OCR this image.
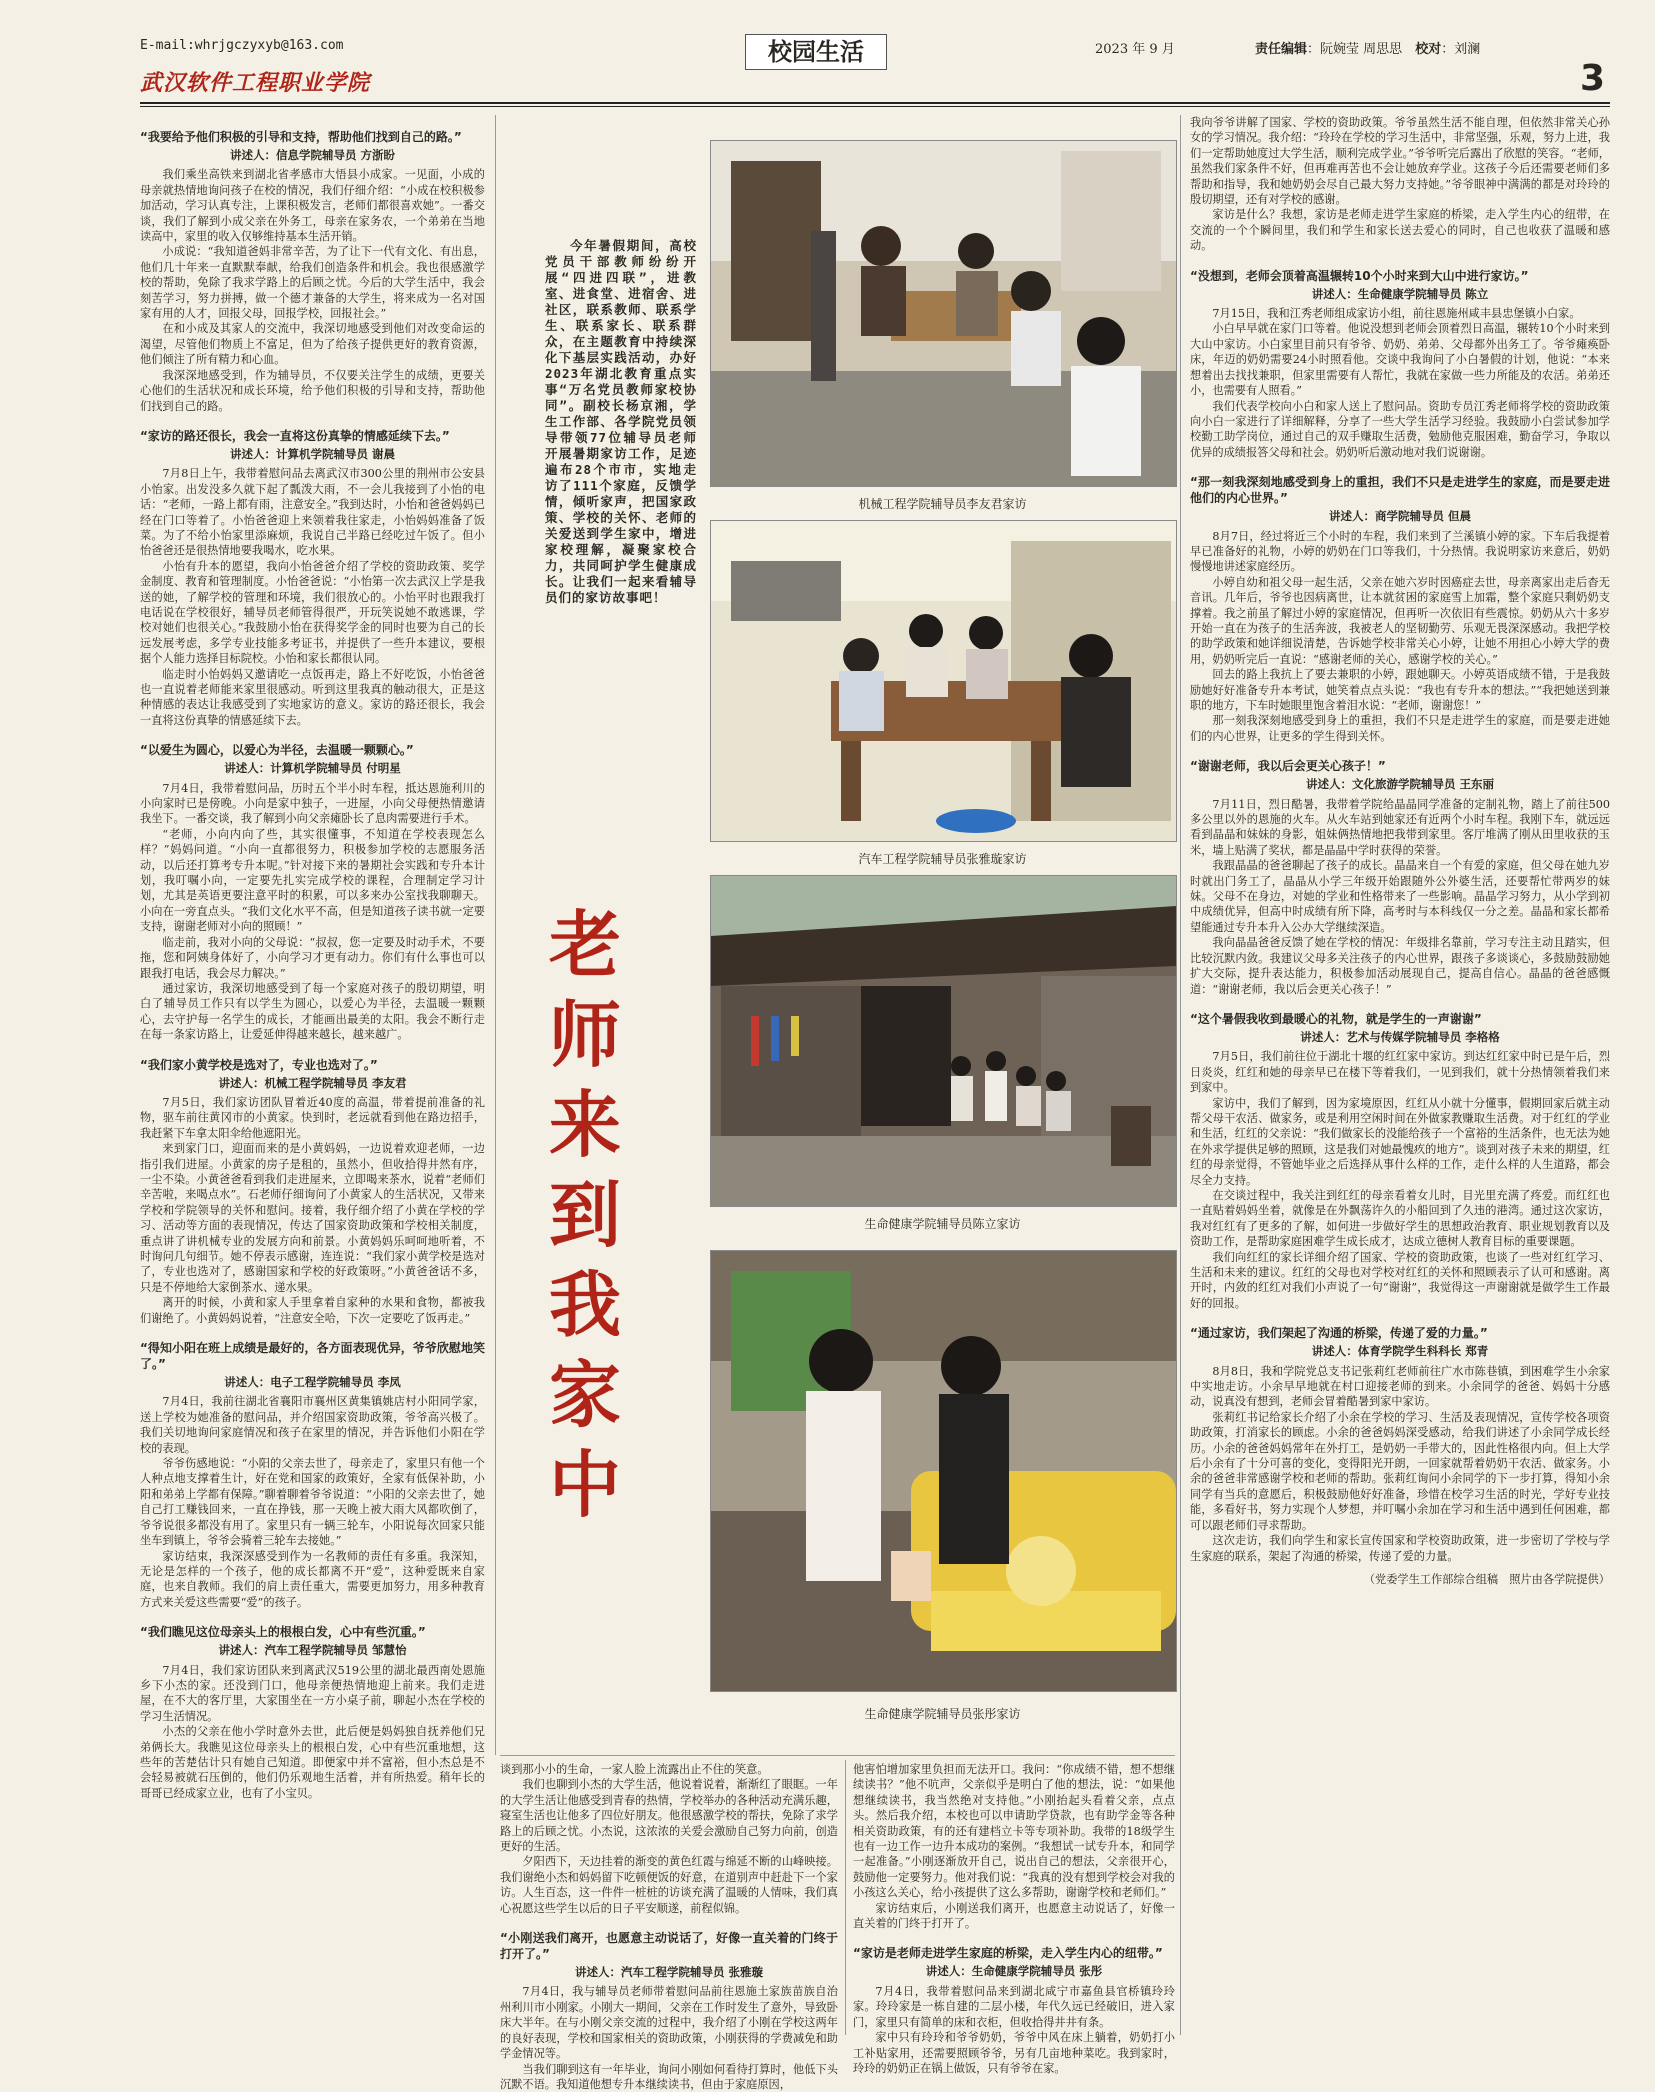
E-mail:whrjgczyxyb@163.com	校园生活	2023 年 9 月	责任编辑：阮婉莹 周思思　 校对：刘澜
武汉软件工程职业学院	3

“我要给予他们积极的引导和支持，帮助他们找到自己的路。”

讲述人：信息学院辅导员 方浙盼

我们乘坐高铁来到湖北省孝感市大悟县小成家。一见面，小成的母亲就热情地询问孩子在校的情况，我们仔细介绍：“小成在校积极参加活动，学习认真专注，上课积极发言，老师们都很喜欢她”。一番交谈，我们了解到小成父亲在外务工，母亲在家务农，一个弟弟在当地读高中，家里的收入仅够维持基本生活开销。

小成说：“我知道爸妈非常辛苦，为了让下一代有文化、有出息，他们几十年来一直默默奉献，给我们创造条件和机会。我也很感激学校的帮助，免除了我求学路上的后顾之忧。今后的大学生活中，我会刻苦学习，努力拼搏，做一个德才兼备的大学生，将来成为一名对国家有用的人才，回报父母，回报学校，回报社会。”

在和小成及其家人的交流中，我深切地感受到他们对改变命运的渴望，尽管他们物质上不富足，但为了给孩子提供更好的教育资源，他们倾注了所有精力和心血。

我深深地感受到，作为辅导员，不仅要关注学生的成绩，更要关心他们的生活状况和成长环境，给予他们积极的引导和支持，帮助他们找到自己的路。

“家访的路还很长，我会一直将这份真挚的情感延续下去。”

讲述人：计算机学院辅导员 谢晨

7月8日上午，我带着慰问品去离武汉市300公里的荆州市公安县小怡家。出发没多久就下起了瓢泼大雨，不一会儿我接到了小怡的电话：“老师，一路上都有雨，注意安全。”我到达时，小怡和爸爸妈妈已经在门口等着了。小怡爸爸迎上来领着我往家走，小怡妈妈准备了饭菜。为了不给小怡家里添麻烦，我说自己半路已经吃过午饭了。但小怡爸爸还是很热情地要我喝水，吃水果。

小怡有升本的愿望，我向小怡爸爸介绍了学校的资助政策、奖学金制度、教育和管理制度。小怡爸爸说：“小怡第一次去武汉上学是我送的她，了解学校的管理和环境，我们很放心的。小怡平时也跟我打电话说在学校很好，辅导员老师管得很严，开玩笑说她不敢逃课，学校对她们也很关心。”我鼓励小怡在获得奖学金的同时也要为自己的长远发展考虑，多学专业技能多考证书，并提供了一些升本建议，要根据个人能力选择目标院校。小怡和家长都很认同。

临走时小怡妈妈又邀请吃一点饭再走，路上不好吃饭，小怡爸爸也一直说着老师能来家里很感动。听到这里我真的触动很大，正是这种情感的表达让我感受到了实地家访的意义。家访的路还很长，我会一直将这份真挚的情感延续下去。

“以爱生为圆心，以爱心为半径，去温暖一颗颗心。”

讲述人：计算机学院辅导员 付明星

7月4日，我带着慰问品，历时五个半小时车程，抵达恩施利川的小向家时已是傍晚。小向是家中独子，一进屋，小向父母便热情邀请我坐下。一番交谈，我了解到小向父亲瘫卧长了息肉需要进行手术。

“老师，小向内向了些，其实很懂事，不知道在学校表现怎么样？”妈妈问道。“小向一直都很努力，积极参加学校的志愿服务活动，以后还打算考专升本呢。”针对接下来的暑期社会实践和专升本计划，我叮嘱小向，一定要先扎实完成学校的课程，合理制定学习计划，尤其是英语更要注意平时的积累，可以多来办公室找我聊聊天。小向在一旁直点头。“我们文化水平不高，但是知道孩子读书就一定要支持，谢谢老师对小向的照顾！”

临走前，我对小向的父母说：“叔叔，您一定要及时动手术，不要拖，您和阿姨身体好了，小向学习才更有动力。你们有什么事也可以跟我打电话，我会尽力解决。”

通过家访，我深切地感受到了每一个家庭对孩子的殷切期望，明白了辅导员工作只有以学生为圆心，以爱心为半径，去温暖一颗颗心，去守护每一名学生的成长，才能画出最美的太阳。我会不断行走在每一条家访路上，让爱延伸得越来越长，越来越广。

“我们家小黄学校是选对了，专业也选对了。”

讲述人：机械工程学院辅导员 李友君

7月5日，我们家访团队冒着近40度的高温，带着提前准备的礼物，驱车前往黄冈市的小黄家。快到时，老远就看到他在路边招手，我赶紧下车拿太阳伞给他遮阳光。

来到家门口，迎面而来的是小黄妈妈，一边说着欢迎老师，一边指引我们进屋。小黄家的房子是租的，虽然小，但收拾得井然有序，一尘不染。小黄爸爸看到我们走进屋来，立即喝来茶水，说着“老师们辛苦啦，来喝点水”。石老师仔细询问了小黄家人的生活状况，又带来学校和学院领导的关怀和慰问。接着，我仔细介绍了小黄在学校的学习、活动等方面的表现情况，传达了国家资助政策和学校相关制度，重点讲了讲机械专业的发展方向和前景。小黄妈妈乐呵呵地听着，不时询问几句细节。她不停表示感谢，连连说：“我们家小黄学校是选对了，专业也选对了，感谢国家和学校的好政策呀。”小黄爸爸话不多，只是不停地给大家倒茶水、递水果。

离开的时候，小黄和家人手里拿着自家种的水果和食物，都被我们谢绝了。小黄妈妈说着，“注意安全哈，下次一定要吃了饭再走。”

“得知小阳在班上成绩是最好的，各方面表现优异，爷爷欣慰地笑了。”

讲述人：电子工程学院辅导员 李凤

7月4日，我前往湖北省襄阳市襄州区黄集镇姚店村小阳同学家，送上学校为她准备的慰问品，并介绍国家资助政策，爷爷高兴极了。我们关切地询问家庭情况和孩子在家里的情况，并告诉他们小阳在学校的表现。

爷爷伤感地说：“小阳的父亲去世了，母亲走了，家里只有他一个人种点地支撑着生计，好在党和国家的政策好，全家有低保补助，小阳和弟弟上学都有保障。”聊着聊着爷爷说道：“小阳的父亲去世了，她自己打工赚钱回来，一直在挣钱，那一天晚上被大雨大风都吹倒了，爷爷说很多都没有用了。家里只有一辆三轮车，小阳说每次回家只能坐车到镇上，爷爷会骑着三轮车去接她。”

家访结束，我深深感受到作为一名教师的责任有多重。我深知，无论是怎样的一个孩子，他的成长都离不开“爱”，这种爱既来自家庭，也来自教师。我们的肩上责任重大，需要更加努力，用多种教育方式来关爱这些需要“爱”的孩子。

“我们瞧见这位母亲头上的根根白发，心中有些沉重。”

讲述人：汽车工程学院辅导员 邹慧怡

7月4日，我们家访团队来到离武汉519公里的湖北最西南处恩施乡下小杰的家。还没到门口，他母亲便热情地迎上前来。我们走进屋，在不大的客厅里，大家围坐在一方小桌子前，聊起小杰在学校的学习生活情况。

小杰的父亲在他小学时意外去世，此后便是妈妈独自抚养他们兄弟俩长大。我瞧见这位母亲头上的根根白发，心中有些沉重地想，这些年的苦楚估计只有她自己知道。即便家中并不富裕，但小杰总是不会轻易被就石压倒的，他们仍乐观地生活着，并有所热爱。稍年长的哥哥已经成家立业，也有了小宝贝。

今年暑假期间，高校党员干部教师纷纷开展“四进四联”，进教室、进食堂、进宿舍、进社区，联系教师、联系学生、联系家长、联系群众，在主题教育中持续深化下基层实践活动，办好2023年湖北教育重点实事“万名党员教师家校协同”。副校长杨京湘，学生工作部、各学院党员领导带领77位辅导员老师开展暑期家访工作，足迹遍布28个市市，实地走访了111个家庭，反馈学情，倾听家声，把国家政策、学校的关怀、老师的关爱送到学生家中，增进家校理解，凝聚家校合力，共同呵护学生健康成长。让我们一起来看辅导员们的家访故事吧！

老
师
来
到
我
家
中
机械工程学院辅导员李友君家访
汽车工程学院辅导员张雅璇家访
生命健康学院辅导员陈立家访
生命健康学院辅导员张彤家访

谈到那小小的生命，一家人脸上流露出止不住的笑意。

我们也聊到小杰的大学生活，他说着说着，渐渐红了眼眶。一年的大学生活让他感受到青春的热情，学校举办的各种活动充满乐趣，寝室生活也让他多了四位好朋友。他很感激学校的帮扶，免除了求学路上的后顾之忧。小杰说，这浓浓的关爱会激励自己努力向前，创造更好的生活。

夕阳西下，天边挂着的渐变的黄色红霞与绵延不断的山峰映接。我们谢绝小杰和妈妈留下吃顿便饭的好意，在道别声中赶赴下一个家访。人生百态，这一件件一桩桩的访谈充满了温暖的人情味，我们真心祝愿这些学生以后的日子平安顺遂，前程似锦。

“小刚送我们离开，也愿意主动说话了，好像一直关着的门终于打开了。”

讲述人：汽车工程学院辅导员 张雅璇

7月4日，我与辅导员老师带着慰问品前往恩施土家族苗族自治州利川市小刚家。小刚大一期间，父亲在工作时发生了意外，导致卧床大半年。在与小刚父亲交流的过程中，我介绍了小刚在学校这两年的良好表现，学校和国家相关的资助政策，小刚获得的学费减免和助学金情况等。

当我们聊到这有一年毕业，询问小刚如何看待打算时，他低下头沉默不语。我知道他想专升本继续读书，但由于家庭原因，

他害怕增加家里负担而无法开口。我问：“你成绩不错，想不想继续读书？”他不吭声，父亲似乎是明白了他的想法，说：“如果他想继续读书，我当然绝对支持他。”小刚抬起头看着父亲，点点头。然后我介绍，本校也可以申请助学贷款，也有助学金等各种相关资助政策，有的还有建档立卡等专项补助。我带的18级学生也有一边工作一边升本成功的案例。“我想试一试专升本，和同学一起准备。”小刚逐渐放开自己，说出自己的想法，父亲很开心，鼓励他一定要努力。他对我们说：“我真的没有想到学校会对我的小孩这么关心，给小孩提供了这么多帮助，谢谢学校和老师们。”

家访结束后，小刚送我们离开，也愿意主动说话了，好像一直关着的门终于打开了。

“家访是老师走进学生家庭的桥梁，走入学生内心的纽带。”

讲述人：生命健康学院辅导员 张彤

7月4日，我带着慰问品来到湖北咸宁市嘉鱼县官桥镇玲玲家。玲玲家是一栋自建的二层小楼，年代久远已经破旧，进入家门，家里只有简单的床和衣柜，但收拾得井井有条。

家中只有玲玲和爷爷奶奶，爷爷中风在床上躺着，奶奶打小工补贴家用，还需要照顾爷爷，另有几亩地种菜吃。我到家时，玲玲的奶奶正在锅上做饭，只有爷爷在家。

我向爷爷讲解了国家、学校的资助政策。爷爷虽然生活不能自理，但依然非常关心孙女的学习情况。我介绍：“玲玲在学校的学习生活中，非常坚强，乐观，努力上进，我们一定帮助她度过大学生活，顺利完成学业。”爷爷听完后露出了欣慰的笑容。“老师，虽然我们家条件不好，但再难再苦也不会让她放弃学业。这孩子今后还需要老师们多帮助和指导，我和她奶奶会尽自己最大努力支持她。”爷爷眼神中满满的都是对玲玲的殷切期望，还有对学校的感谢。

家访是什么？我想，家访是老师走进学生家庭的桥梁，走入学生内心的纽带，在交流的一个个瞬间里，我们和学生和家长送去爱心的同时，自己也收获了温暖和感动。

“没想到，老师会顶着高温辗转10个小时来到大山中进行家访。”

讲述人：生命健康学院辅导员 陈立

7月15日，我和江秀老师组成家访小组，前往恩施州咸丰县忠堡镇小白家。

小白早早就在家门口等着。他说没想到老师会顶着烈日高温，辗转10个小时来到大山中家访。小白家里目前只有爷爷、奶奶、弟弟、父母都外出务工了。爷爷瘫痪卧床，年迈的奶奶需要24小时照看他。交谈中我询问了小白暑假的计划，他说：“本来想着出去找找兼职，但家里需要有人帮忙，我就在家做一些力所能及的农活。弟弟还小，也需要有人照看。”

我们代表学校向小白和家人送上了慰问品。资助专员江秀老师将学校的资助政策向小白一家进行了详细解释，分享了一些大学生活学习经验。我鼓励小白尝试参加学校勤工助学岗位，通过自己的双手赚取生活费，勉励他克服困难，勤奋学习，争取以优异的成绩报答父母和社会。奶奶听后激动地对我们说谢谢。

“那一刻我深刻地感受到身上的重担，我们不只是走进学生的家庭，而是要走进他们的内心世界。”

讲述人：商学院辅导员 但晨

8月7日，经过将近三个小时的车程，我们来到了兰溪镇小婷的家。下车后我提着早已准备好的礼物，小婷的奶奶在门口等我们，十分热情。我说明家访来意后，奶奶慢慢地讲述家庭经历。

小婷自幼和祖父母一起生活，父亲在她六岁时因癌症去世，母亲离家出走后杳无音讯。几年后，爷爷也因病离世，让本就贫困的家庭雪上加霜，整个家庭只剩奶奶支撑着。我之前虽了解过小婷的家庭情况，但再听一次依旧有些震惊。奶奶从六十多岁开始一直在为孩子的生活奔波，我被老人的坚韧勤劳、乐观无畏深深感动。我把学校的助学政策和她详细说清楚，告诉她学校非常关心小婷，让她不用担心小婷大学的费用，奶奶听完后一直说：“感谢老师的关心，感谢学校的关心。”

回去的路上我抗上了要去兼职的小婷，跟她聊天。小婷英语成绩不错，于是我鼓励她好好准备专升本考试，她笑着点点头说：“我也有专升本的想法。”“我把她送到兼职的地方，下车时她眼里饱含着泪水说：“老师，谢谢您！”

那一刻我深刻地感受到身上的重担，我们不只是走进学生的家庭，而是要走进她们的内心世界，让更多的学生得到关怀。

“谢谢老师，我以后会更关心孩子！”

讲述人：文化旅游学院辅导员 王东丽

7月11日，烈日酷暑，我带着学院给晶晶同学准备的定制礼物，踏上了前往500多公里以外的恩施的火车。从火车站到她家还有近两个小时车程。我刚下车，就远远看到晶晶和妹妹的身影，姐妹俩热情地把我带到家里。客厅堆满了刚从田里收获的玉米，墙上贴满了奖状，都是晶晶中学时获得的荣誉。

我跟晶晶的爸爸聊起了孩子的成长。晶晶来自一个有爱的家庭，但父母在她九岁时就出门务工了，晶晶从小学三年级开始跟随外公外婆生活，还要帮忙带两岁的妹妹。父母不在身边，对她的学业和性格带来了一些影响。晶晶学习努力，从小学到初中成绩优异，但高中时成绩有所下降，高考时与本科线仅一分之差。晶晶和家长都希望能通过专升本升入公办大学继续深造。

我向晶晶爸爸反馈了她在学校的情况：年级排名靠前，学习专注主动且踏实，但比较沉默内敛。我建议父母多关注孩子的内心世界，跟孩子多谈谈心，多鼓励鼓励她扩大交际，提升表达能力，积极参加活动展现自己，提高自信心。晶晶的爸爸感慨道：“谢谢老师，我以后会更关心孩子！”

“这个暑假我收到最暖心的礼物，就是学生的一声谢谢”

讲述人：艺术与传媒学院辅导员 李格格

7月5日，我们前往位于湖北十堰的红红家中家访。到达红红家中时已是午后，烈日炎炎，红红和她的母亲早已在楼下等着我们，一见到我们，就十分热情领着我们来到家中。

家访中，我们了解到，因为家境原因，红红从小就十分懂事，假期回家后就主动帮父母干农活、做家务，或是利用空闲时间在外做家教赚取生活费。对于红红的学业和生活，红红的父亲说：“我们做家长的没能给孩子一个富裕的生活条件，也无法为她在外求学提供足够的照顾，这是我们对她最愧疚的地方”。谈到对孩子未来的期望，红红的母亲觉得，不管她毕业之后选择从事什么样的工作，走什么样的人生道路，都会尽全力支持。

在交谈过程中，我关注到红红的母亲看着女儿时，目光里充满了疼爱。而红红也一直贴着妈妈坐着，就像是在外飘荡许久的小船回到了久违的港湾。通过这次家访，我对红红有了更多的了解，如何进一步做好学生的思想政治教育、职业规划教育以及资助工作，是帮助家庭困难学生成长成才，达成立德树人教育目标的重要课题。

我们向红红的家长详细介绍了国家、学校的资助政策，也谈了一些对红红学习、生活和未来的建议。红红的父母也对学校对红红的关怀和照顾表示了认可和感谢。离开时，内敛的红红对我们小声说了一句“谢谢”，我觉得这一声谢谢就是做学生工作最好的回报。

“通过家访，我们架起了沟通的桥梁，传递了爱的力量。”

讲述人：体育学院学生科科长 郑青

8月8日，我和学院党总支书记张莉红老师前往广水市陈巷镇，到困难学生小余家中实地走访。小余早早地就在村口迎接老师的到来。小余同学的爸爸、妈妈十分感动，说真没有想到，老师会冒着酷暑到家中家访。

张莉红书记给家长介绍了小余在学校的学习、生活及表现情况，宣传学校各项资助政策，打消家长的顾虑。小余的爸爸妈妈深受感动，给我们讲述了小余同学成长经历。小余的爸爸妈妈常年在外打工，是奶奶一手带大的，因此性格很内向。但上大学后小余有了十分可喜的变化，变得阳光开朗，一回家就帮着奶奶干农活、做家务。小余的爸爸非常感谢学校和老师的帮助。张莉红询问小余同学的下一步打算，得知小余同学有当兵的意愿后，积极鼓励他好好准备，珍惜在校学习生活的时光，学好专业技能，多看好书，努力实现个人梦想，并叮嘱小余加在学习和生活中遇到任何困难，都可以跟老师们寻求帮助。

这次走访，我们向学生和家长宣传国家和学校资助政策，进一步密切了学校与学生家庭的联系，架起了沟通的桥梁，传递了爱的力量。

（党委学生工作部综合组稿　照片由各学院提供）
